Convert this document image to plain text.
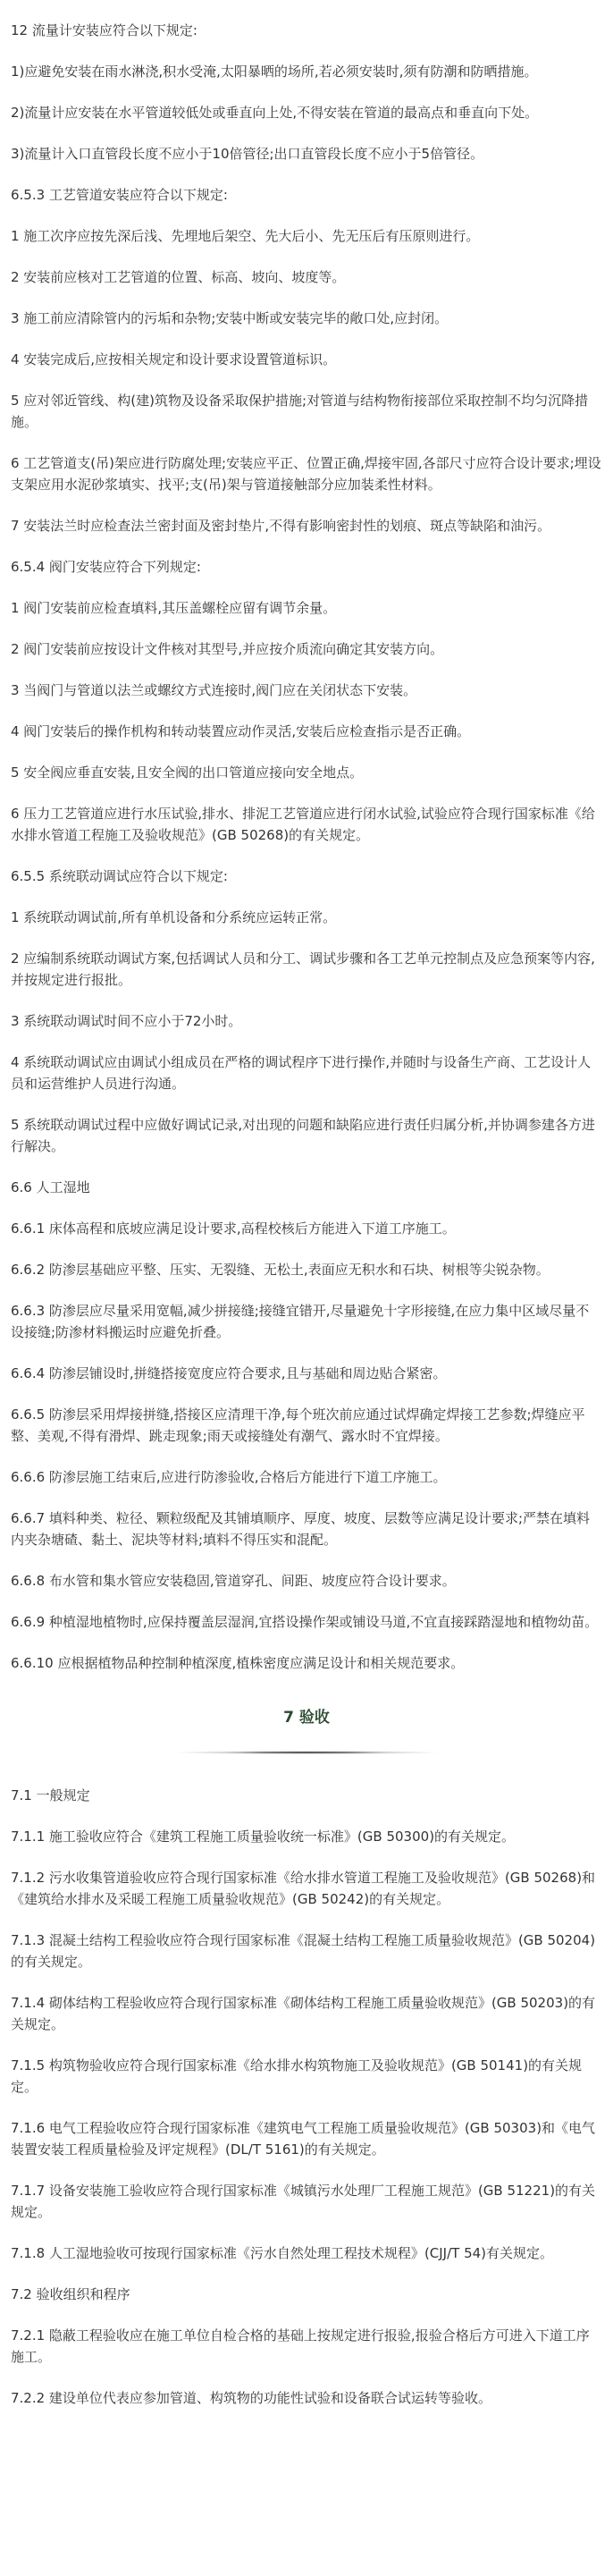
12 流量计安装应符合以下规定:

1)应避免安装在雨水淋浇,积水受淹,太阳暴晒的场所,若必须安装时,须有防潮和防晒措施。

2)流量计应安装在水平管道较低处或垂直向上处,不得安装在管道的最高点和垂直向下处。

3)流量计入口直管段长度不应小于10倍管径;出口直管段长度不应小于5倍管径。

6.5.3 工艺管道安装应符合以下规定:

1 施工次序应按先深后浅、先埋地后架空、先大后小、先无压后有压原则进行。

2 安装前应核对工艺管道的位置、标高、坡向、坡度等。

3 施工前应清除管内的污垢和杂物;安装中断或安装完毕的敞口处,应封闭。

4 安装完成后,应按相关规定和设计要求设置管道标识。

5 应对邻近管线、构(建)筑物及设备采取保护措施;对管道与结构物衔接部位采取控制不均匀沉降措施。

6 工艺管道支(吊)架应进行防腐处理;安装应平正、位置正确,焊接牢固,各部尺寸应符合设计要求;埋设支架应用水泥砂浆填实、找平;支(吊)架与管道接触部分应加装柔性材料。

7 安装法兰时应检查法兰密封面及密封垫片,不得有影响密封性的划痕、斑点等缺陷和油污。

6.5.4 阀门安装应符合下列规定:

1 阀门安装前应检查填料,其压盖螺栓应留有调节余量。

2 阀门安装前应按设计文件核对其型号,并应按介质流向确定其安装方向。

3 当阀门与管道以法兰或螺纹方式连接时,阀门应在关闭状态下安装。

4 阀门安装后的操作机构和转动装置应动作灵活,安装后应检查指示是否正确。

5 安全阀应垂直安装,且安全阀的出口管道应接向安全地点。

6 压力工艺管道应进行水压试验,排水、排泥工艺管道应进行闭水试验,试验应符合现行国家标准《给水排水管道工程施工及验收规范》(GB 50268)的有关规定。

6.5.5 系统联动调试应符合以下规定:

1 系统联动调试前,所有单机设备和分系统应运转正常。

2 应编制系统联动调试方案,包括调试人员和分工、调试步骤和各工艺单元控制点及应急预案等内容,并按规定进行报批。

3 系统联动调试时间不应小于72小时。

4 系统联动调试应由调试小组成员在严格的调试程序下进行操作,并随时与设备生产商、工艺设计人员和运营维护人员进行沟通。

5 系统联动调试过程中应做好调试记录,对出现的问题和缺陷应进行责任归属分析,并协调参建各方进行解决。

6.6 人工湿地

6.6.1 床体高程和底坡应满足设计要求,高程校核后方能进入下道工序施工。

6.6.2 防渗层基础应平整、压实、无裂缝、无松土,表面应无积水和石块、树根等尖锐杂物。

6.6.3 防渗层应尽量采用宽幅,减少拼接缝;接缝宜错开,尽量避免十字形接缝,在应力集中区域尽量不设接缝;防渗材料搬运时应避免折叠。

6.6.4 防渗层铺设时,拼缝搭接宽度应符合要求,且与基础和周边贴合紧密。

6.6.5 防渗层采用焊接拼缝,搭接区应清理干净,每个班次前应通过试焊确定焊接工艺参数;焊缝应平整、美观,不得有滑焊、跳走现象;雨天或接缝处有潮气、露水时不宜焊接。

6.6.6 防渗层施工结束后,应进行防渗验收,合格后方能进行下道工序施工。

6.6.7 填料种类、粒径、颗粒级配及其铺填顺序、厚度、坡度、层数等应满足设计要求;严禁在填料内夹杂塘碴、黏土、泥块等材料;填料不得压实和混配。

6.6.8 布水管和集水管应安装稳固,管道穿孔、间距、坡度应符合设计要求。

6.6.9 种植湿地植物时,应保持覆盖层湿润,宜搭设操作架或铺设马道,不宜直接踩踏湿地和植物幼苗。

6.6.10 应根据植物品种控制种植深度,植株密度应满足设计和相关规范要求。

7 验收

7.1 一般规定

7.1.1 施工验收应符合《建筑工程施工质量验收统一标准》(GB 50300)的有关规定。

7.1.2 污水收集管道验收应符合现行国家标准《给水排水管道工程施工及验收规范》(GB 50268)和《建筑给水排水及采暖工程施工质量验收规范》(GB 50242)的有关规定。

7.1.3 混凝土结构工程验收应符合现行国家标准《混凝土结构工程施工质量验收规范》(GB 50204)的有关规定。

7.1.4 砌体结构工程验收应符合现行国家标准《砌体结构工程施工质量验收规范》(GB 50203)的有关规定。

7.1.5 构筑物验收应符合现行国家标准《给水排水构筑物施工及验收规范》(GB 50141)的有关规定。

7.1.6 电气工程验收应符合现行国家标准《建筑电气工程施工质量验收规范》(GB 50303)和《电气装置安装工程质量检验及评定规程》(DL/T 5161)的有关规定。

7.1.7 设备安装施工验收应符合现行国家标准《城镇污水处理厂工程施工规范》(GB 51221)的有关规定。

7.1.8 人工湿地验收可按现行国家标准《污水自然处理工程技术规程》(CJJ/T 54)有关规定。

7.2 验收组织和程序

7.2.1 隐蔽工程验收应在施工单位自检合格的基础上按规定进行报验,报验合格后方可进入下道工序施工。

7.2.2 建设单位代表应参加管道、构筑物的功能性试验和设备联合试运转等验收。
